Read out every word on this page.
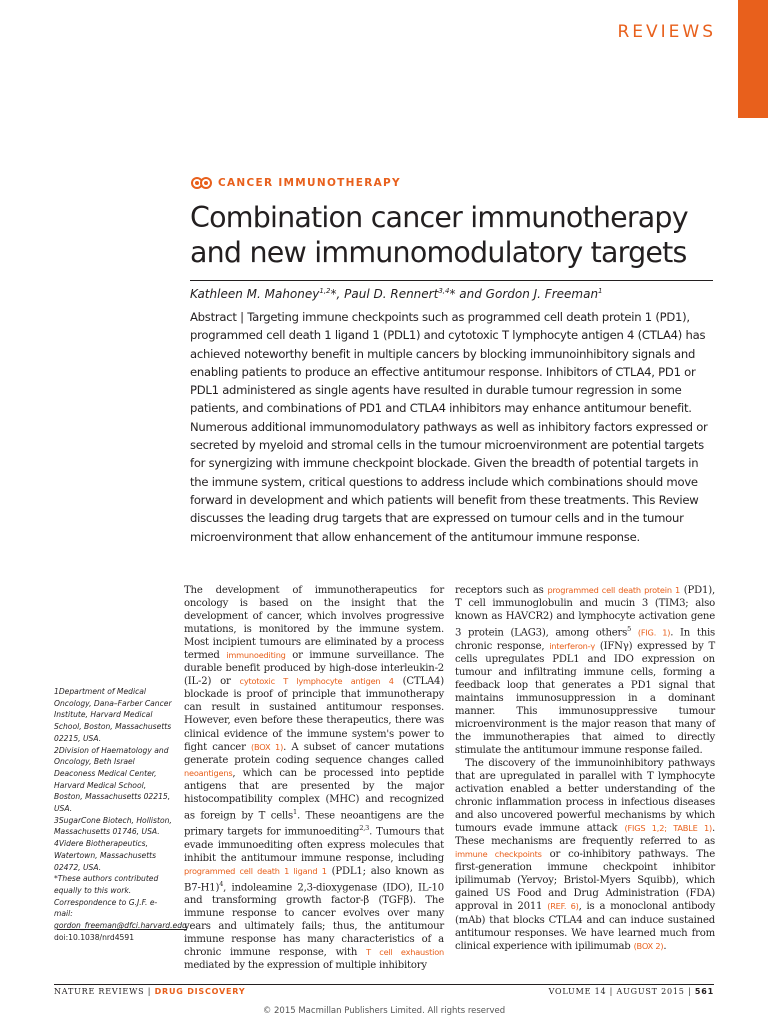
REVIEWS
CANCER IMMUNOTHERAPY
Combination cancer immunotherapy
and new immunomodulatory targets
Kathleen M. Mahoney$^{1,2}$*, Paul D. Rennert$^{3,4}$* and Gordon J. Freeman$^1$
Abstract | Targeting immune checkpoints such as programmed cell death protein 1 (PD1), programmed cell death 1 ligand 1 (PDL1) and cytotoxic T lymphocyte antigen 4 (CTLA4) has achieved noteworthy benefit in multiple cancers by blocking immunoinhibitory signals and enabling patients to produce an effective antitumour response. Inhibitors of CTLA4, PD1 or PDL1 administered as single agents have resulted in durable tumour regression in some patients, and combinations of PD1 and CTLA4 inhibitors may enhance antitumour benefit. Numerous additional immunomodulatory pathways as well as inhibitory factors expressed or secreted by myeloid and stromal cells in the tumour microenvironment are potential targets for synergizing with immune checkpoint blockade. Given the breadth of potential targets in the immune system, critical questions to address include which combinations should move forward in development and which patients will benefit from these treatments. This Review discusses the leading drug targets that are expressed on tumour cells and in the tumour microenvironment that allow enhancement of the antitumour immune response.
1Department of Medical Oncology, Dana–Farber Cancer Institute, Harvard Medical School, Boston, Massachusetts 02215, USA.
2Division of Haematology and Oncology, Beth Israel Deaconess Medical Center, Harvard Medical School, Boston, Massachusetts 02215, USA.
3SugarCone Biotech, Holliston, Massachusetts 01746, USA.
4Videre Biotherapeutics, Watertown, Massachusetts 02472, USA.
*These authors contributed equally to this work.
Correspondence to G.J.F. e-mail: gordon_freeman@dfci.harvard.edu
doi:10.1038/nrd4591

The development of immunotherapeutics for oncology is based on the insight that the development of cancer, which involves progressive mutations, is monitored by the immune system. Most incipient tumours are eliminated by a process termed immunoediting or immune surveillance. The durable benefit produced by high-dose interleukin-2 (IL-2) or cytotoxic T lymphocyte antigen 4 (CTLA4) blockade is proof of principle that immunotherapy can result in sustained antitumour responses. However, even before these therapeutics, there was clinical evidence of the immune system's power to fight cancer (BOX 1). A subset of cancer mutations generate protein coding sequence changes called neoantigens, which can be processed into peptide antigens that are presented by the major histocompatibility complex (MHC) and recognized as foreign by T cells$^1$. These neoantigens are the primary targets for immunoediting$^{2,3}$. Tumours that evade immunoediting often express molecules that inhibit the antitumour immune response, including programmed cell death 1 ligand 1 (PDL1; also known as B7-H1)$^4$, indoleamine 2,3-dioxygenase (IDO), IL-10 and transforming growth factor-β (TGFβ). The immune response to cancer evolves over many years and ultimately fails; thus, the antitumour immune response has many characteristics of a chronic immune response, with T cell exhaustion mediated by the expression of multiple inhibitory

receptors such as programmed cell death protein 1 (PD1), T cell immunoglobulin and mucin 3 (TIM3; also known as HAVCR2) and lymphocyte activation gene 3 protein (LAG3), among others$^5$ (FIG. 1). In this chronic response, interferon-γ (IFNγ) expressed by T cells upregulates PDL1 and IDO expression on tumour and infiltrating immune cells, forming a feedback loop that generates a PD1 signal that maintains immunosuppression in a dominant manner. This immunosuppressive tumour microenvironment is the major reason that many of the immunotherapies that aimed to directly stimulate the antitumour immune response failed.

The discovery of the immunoinhibitory pathways that are upregulated in parallel with T lymphocyte activation enabled a better understanding of the chronic inflammation process in infectious diseases and also uncovered powerful mechanisms by which tumours evade immune attack (FIGS 1,2; TABLE 1). These mechanisms are frequently referred to as immune checkpoints or co-inhibitory pathways. The first-generation immune checkpoint inhibitor ipilimumab (Yervoy; Bristol-Myers Squibb), which gained US Food and Drug Administration (FDA) approval in 2011 (REF. 6), is a monoclonal antibody (mAb) that blocks CTLA4 and can induce sustained antitumour responses. We have learned much from clinical experience with ipilimumab (BOX 2).

NATURE REVIEWS | DRUG DISCOVERY	VOLUME 14 | AUGUST 2015 | 561
© 2015 Macmillan Publishers Limited. All rights reserved
